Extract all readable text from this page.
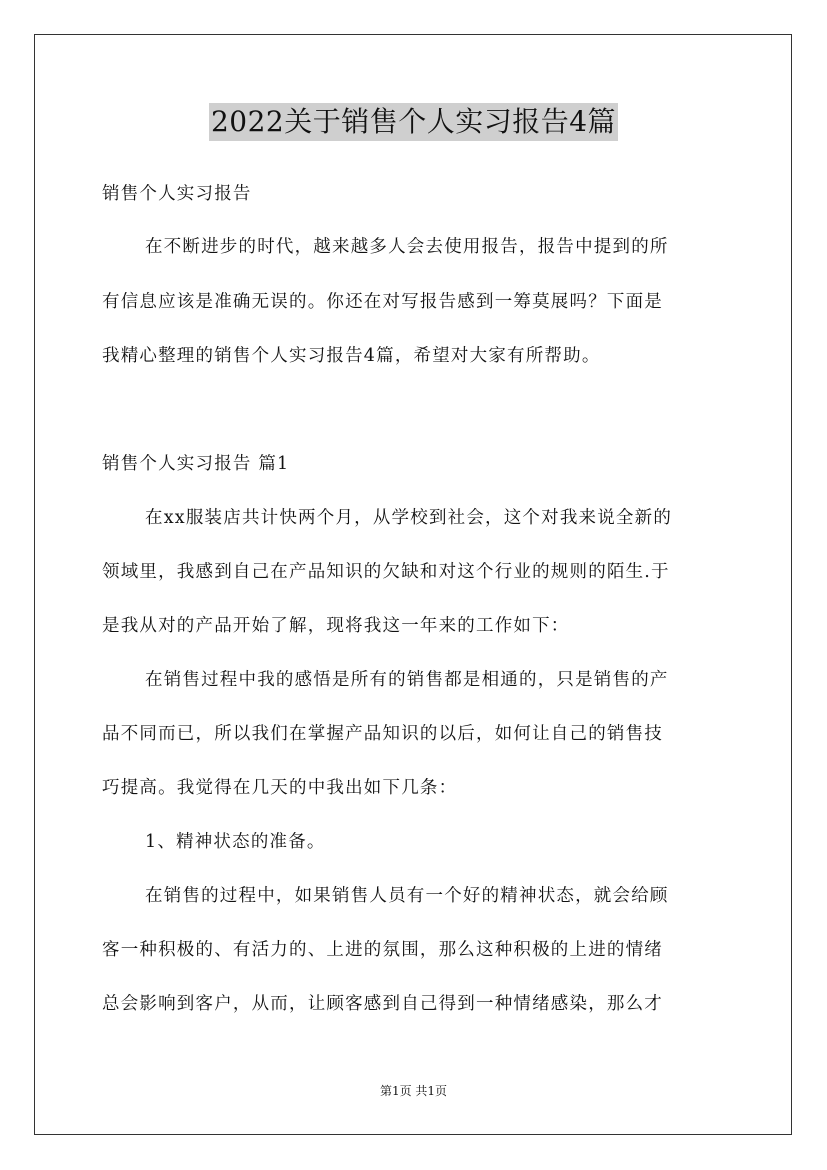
2022关于销售个人实习报告4篇
销售个人实习报告
在不断进步的时代，越来越多人会去使用报告，报告中提到的所
有信息应该是准确无误的。你还在对写报告感到一筹莫展吗？下面是
我精心整理的销售个人实习报告4篇，希望对大家有所帮助。
销售个人实习报告 篇1
在xx服装店共计快两个月，从学校到社会，这个对我来说全新的
领域里，我感到自己在产品知识的欠缺和对这个行业的规则的陌生.于
是我从对的产品开始了解，现将我这一年来的工作如下：
在销售过程中我的感悟是所有的销售都是相通的，只是销售的产
品不同而已，所以我们在掌握产品知识的以后，如何让自己的销售技
巧提高。我觉得在几天的中我出如下几条：
1、精神状态的准备。
在销售的过程中，如果销售人员有一个好的精神状态，就会给顾
客一种积极的、有活力的、上进的氛围，那么这种积极的上进的情绪
总会影响到客户，从而，让顾客感到自己得到一种情绪感染，那么才
第1页 共1页
